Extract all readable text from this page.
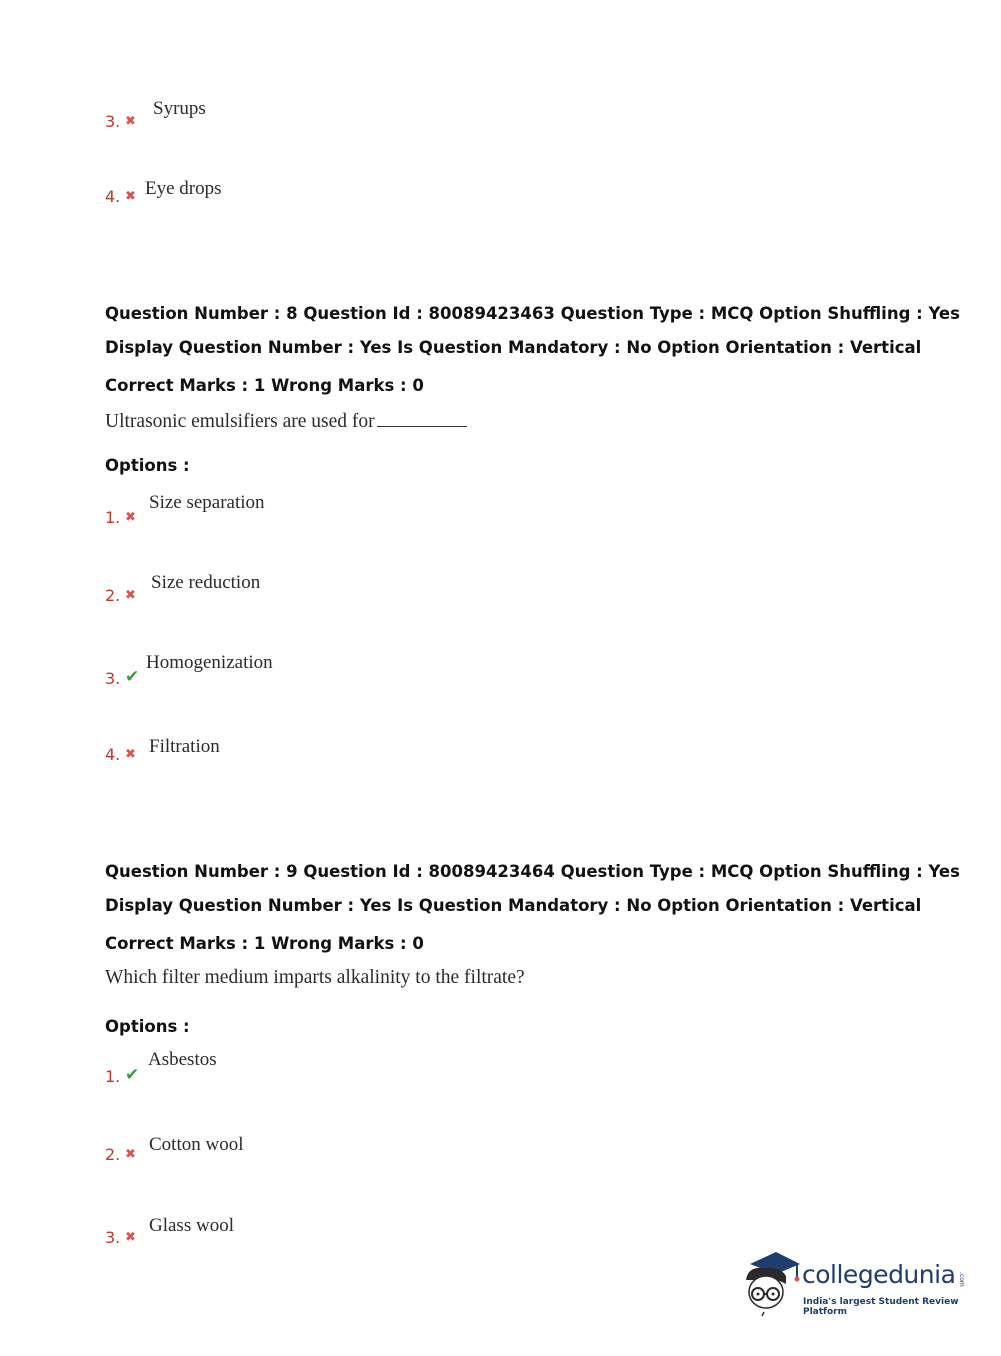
3. ✖
Syrups
4. ✖ Eye drops
Question Number : 8 Question Id : 80089423463 Question Type : MCQ Option Shuffling : Yes
Display Question Number : Yes Is Question Mandatory : No Option Orientation : Vertical
Correct Marks : 1 Wrong Marks : 0
Ultrasonic emulsifiers are used for
Options :
1. ✖
Size separation
2. ✖
Size reduction
3. ✔
Homogenization
4. ✖ Filtration
Question Number : 9 Question Id : 80089423464 Question Type : MCQ Option Shuffling : Yes
Display Question Number : Yes Is Question Mandatory : No Option Orientation : Vertical
Correct Marks : 1 Wrong Marks : 0
Which filter medium imparts alkalinity to the filtrate?
Options :
1. ✔
Asbestos
2. ✖ Cotton wool
3. ✖
Glass wool
collegedunia .com
India's largest Student Review Platform
